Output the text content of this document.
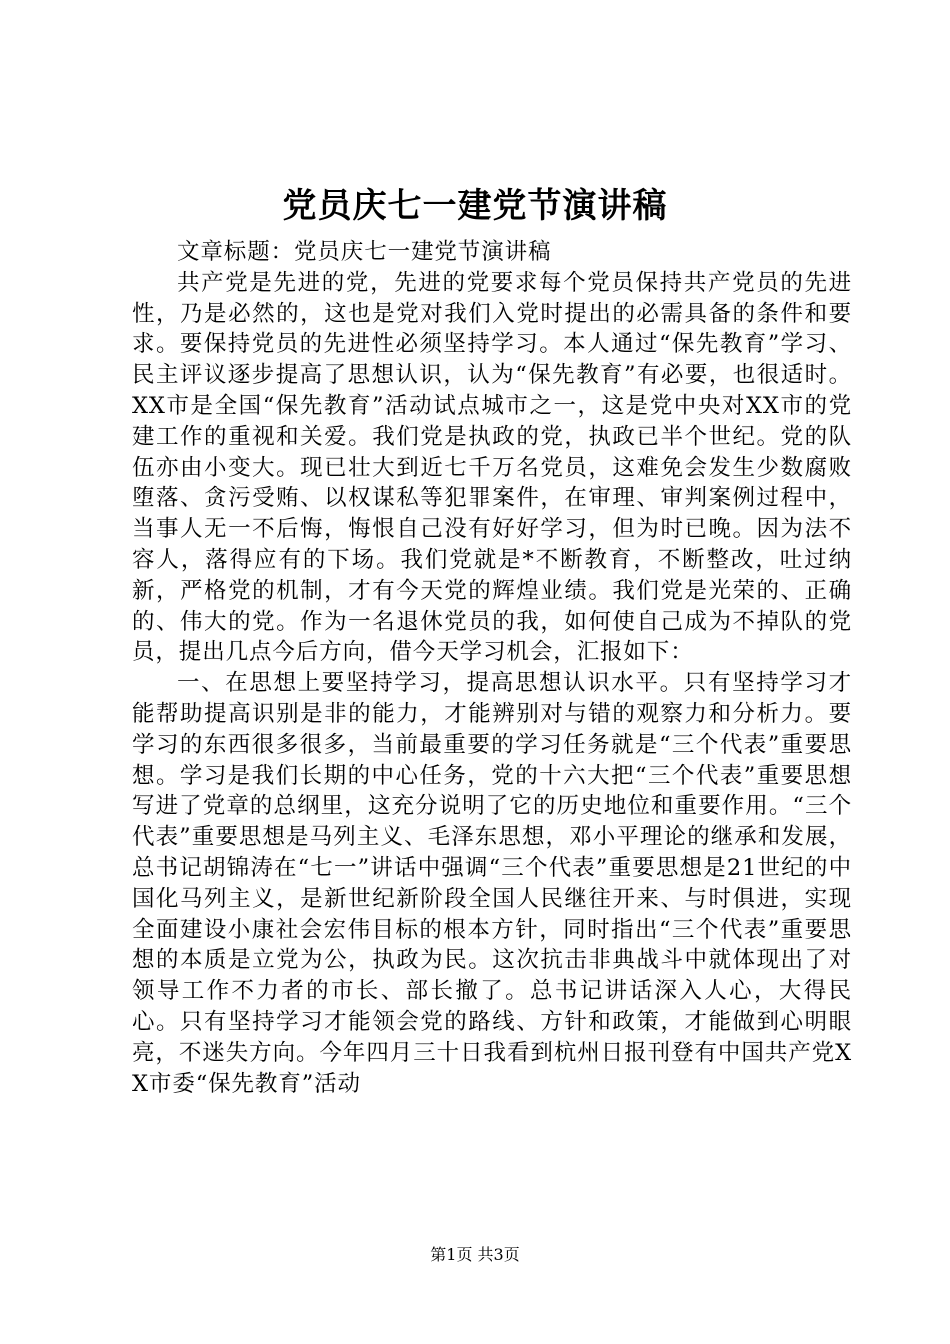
党员庆七一建党节演讲稿

文章标题：党员庆七一建党节演讲稿

共产党是先进的党，先进的党要求每个党员保持共产党员的先进性，乃是必然的，这也是党对我们入党时提出的必需具备的条件和要求。要保持党员的先进性必须坚持学习。本人通过“保先教育”学习、民主评议逐步提高了思想认识，认为“保先教育”有必要，也很适时。XX市是全国“保先教育”活动试点城市之一，这是党中央对XX市的党建工作的重视和关爱。我们党是执政的党，执政已半个世纪。党的队伍亦由小变大。现已壮大到近七千万名党员，这难免会发生少数腐败堕落、贪污受贿、以权谋私等犯罪案件，在审理、审判案例过程中，当事人无一不后悔，悔恨自己没有好好学习，但为时已晚。因为法不容人，落得应有的下场。我们党就是*不断教育，不断整改，吐过纳新，严格党的机制，才有今天党的辉煌业绩。我们党是光荣的、正确的、伟大的党。作为一名退休党员的我，如何使自己成为不掉队的党员，提出几点今后方向，借今天学习机会，汇报如下：

一、在思想上要坚持学习，提高思想认识水平。只有坚持学习才能帮助提高识别是非的能力，才能辨别对与错的观察力和分析力。要学习的东西很多很多，当前最重要的学习任务就是“三个代表”重要思想。学习是我们长期的中心任务，党的十六大把“三个代表”重要思想写进了党章的总纲里，这充分说明了它的历史地位和重要作用。“三个代表”重要思想是马列主义、毛泽东思想，邓小平理论的继承和发展，总书记胡锦涛在“七一”讲话中强调“三个代表”重要思想是21世纪的中国化马列主义，是新世纪新阶段全国人民继往开来、与时俱进，实现全面建设小康社会宏伟目标的根本方针，同时指出“三个代表”重要思想的本质是立党为公，执政为民。这次抗击非典战斗中就体现出了对领导工作不力者的市长、部长撤了。总书记讲话深入人心，大得民心。只有坚持学习才能领会党的路线、方针和政策，才能做到心明眼亮，不迷失方向。今年四月三十日我看到杭州日报刊登有中国共产党XX市委“保先教育”活动

第1页 共3页
